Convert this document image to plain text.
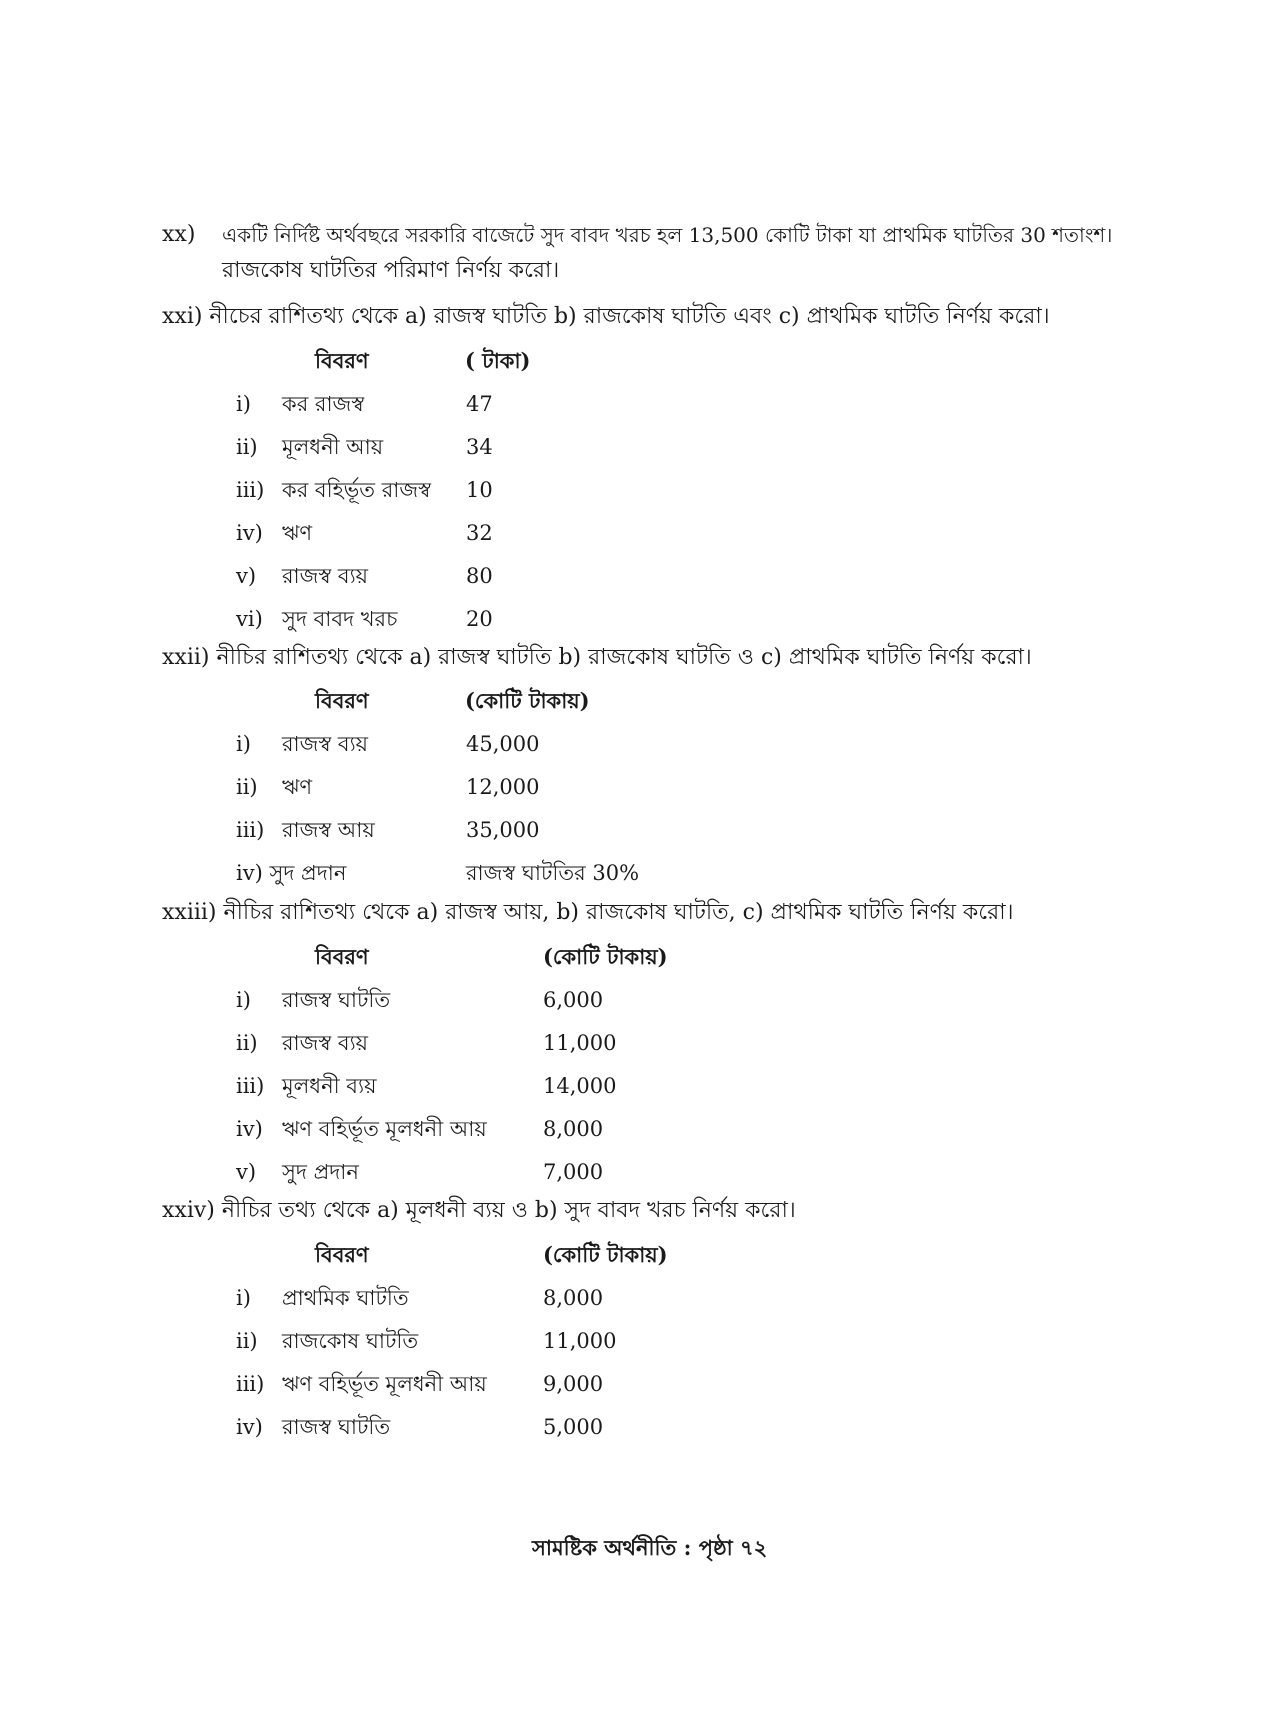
xx) একটি নির্দিষ্ট অর্থবছরে সরকারি বাজেটে সুদ বাবদ খরচ হল 13,500 কোটি টাকা যা প্রাথমিক ঘাটতির 30 শতাংশ।
রাজকোষ ঘাটতির পরিমাণ নির্ণয় করো।
xxi) নীচের রাশিতথ্য থেকে a) রাজস্ব ঘাটতি b) রাজকোষ ঘাটতি এবং c) প্রাথমিক ঘাটতি নির্ণয় করো।
বিবরণ	( টাকা)
i) কর রাজস্ব	47
ii) মূলধনী আয়	34
iii) কর বহির্ভূত রাজস্ব 10
iv) ঋণ	32
v) রাজস্ব ব্যয়	80
vi) সুদ বাবদ খরচ	20
xxii) নীচির রাশিতথ্য থেকে a) রাজস্ব ঘাটতি b) রাজকোষ ঘাটতি ও c) প্রাথমিক ঘাটতি নির্ণয় করো।
বিবরণ	(কোটি টাকায়)
i) রাজস্ব ব্যয়	45,000
ii) ঋণ	12,000
iii) রাজস্ব আয়	35,000
iv) সুদ প্রদান	রাজস্ব ঘাটতির 30%
xxiii) নীচির রাশিতথ্য থেকে a) রাজস্ব আয়, b) রাজকোষ ঘাটতি, c) প্রাথমিক ঘাটতি নির্ণয় করো।
বিবরণ	(কোটি টাকায়)
i) রাজস্ব ঘাটতি	6,000
ii) রাজস্ব ব্যয়	11,000
iii) মূলধনী ব্যয়	14,000
iv) ঋণ বহির্ভূত মূলধনী আয়	8,000
v) সুদ প্রদান	7,000
xxiv) নীচির তথ্য থেকে a) মূলধনী ব্যয় ও b) সুদ বাবদ খরচ নির্ণয় করো।
বিবরণ	(কোটি টাকায়)
i) প্রাথমিক ঘাটতি	8,000
ii) রাজকোষ ঘাটতি	11,000
iii) ঋণ বহির্ভূত মূলধনী আয়	9,000
iv) রাজস্ব ঘাটতি	5,000
সামষ্টিক অর্থনীতি : পৃষ্ঠা ৭২
